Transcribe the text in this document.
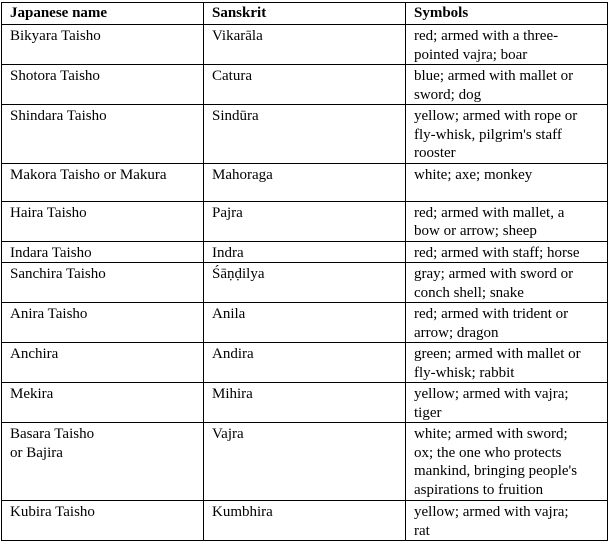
Japanese name	Sanskrit	Symbols

Bikyara Taisho	Vikarāla	red; armed with a three-
pointed vajra; boar

Shotora Taisho	Catura	blue; armed with mallet or
sword; dog

Shindara Taisho	Sindūra	yellow; armed with rope or
fly-whisk, pilgrim's staff
rooster

Makora Taisho or Makura	Mahoraga	white; axe; monkey

Haira Taisho	Pajra	red; armed with mallet, a
bow or arrow; sheep

Indara Taisho	Indra	red; armed with staff; horse

Sanchira Taisho	Śāṇḍilya	gray; armed with sword or
conch shell; snake

Anira Taisho	Anila	red; armed with trident or
arrow; dragon

Anchira	Andira	green; armed with mallet or
fly-whisk; rabbit

Mekira	Mihira	yellow; armed with vajra;
tiger

Basara Taisho
or Bajira	Vajra	white; armed with sword;
ox; the one who protects
mankind, bringing people's
aspirations to fruition

Kubira Taisho	Kumbhira	yellow; armed with vajra;
rat
